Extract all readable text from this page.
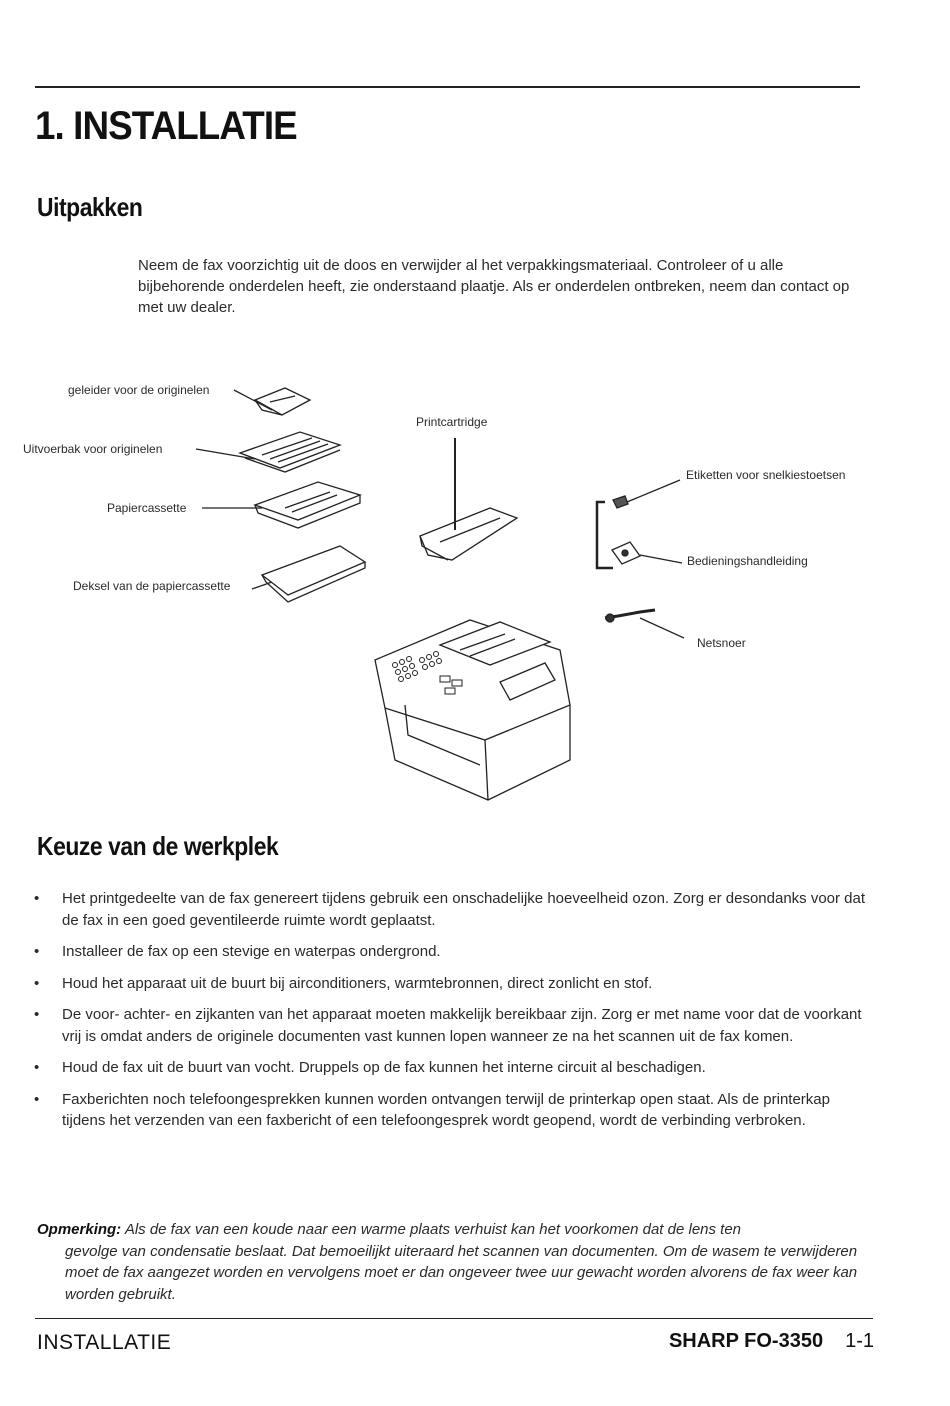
1. INSTALLATIE
Uitpakken

Neem de fax voorzichtig uit de doos en verwijder al het verpakkingsmateriaal. Controleer of u alle bijbehorende onderdelen heeft, zie onderstaand plaatje. Als er onderdelen ontbreken, neem dan contact op met uw dealer.

geleider voor de originelen
Uitvoerbak voor originelen
Papiercassette
Deksel van de papiercassette
Printcartridge
Etiketten voor snelkiestoetsen
Bedieningshandleiding
Netsnoer
Keuze van de werkplek
• Het printgedeelte van de fax genereert tijdens gebruik een onschadelijke hoeveelheid ozon. Zorg er desondanks voor dat de fax in een goed geventileerde ruimte wordt geplaatst.
• Installeer de fax op een stevige en waterpas ondergrond.
• Houd het apparaat uit de buurt bij airconditioners, warmtebronnen, direct zonlicht en stof.
• De voor- achter- en zijkanten van het apparaat moeten makkelijk bereikbaar zijn. Zorg er met name voor dat de voorkant vrij is omdat anders de originele documenten vast kunnen lopen wanneer ze na het scannen uit de fax komen.
• Houd de fax uit de buurt van vocht. Druppels op de fax kunnen het interne circuit al beschadigen.
• Faxberichten noch telefoongesprekken kunnen worden ontvangen terwijl de printerkap open staat. Als de printerkap tijdens het verzenden van een faxbericht of een telefoongesprek wordt geopend, wordt de verbinding verbroken.

Opmerking: Als de fax van een koude naar een warme plaats verhuist kan het voorkomen dat de lens ten
gevolge van condensatie beslaat. Dat bemoeilijkt uiteraard het scannen van documenten. Om de wasem te verwijderen moet de fax aangezet worden en vervolgens moet er dan ongeveer twee uur gewacht worden alvorens de fax weer kan worden gebruikt.

INSTALLATIE	SHARP FO-3350 1-1
